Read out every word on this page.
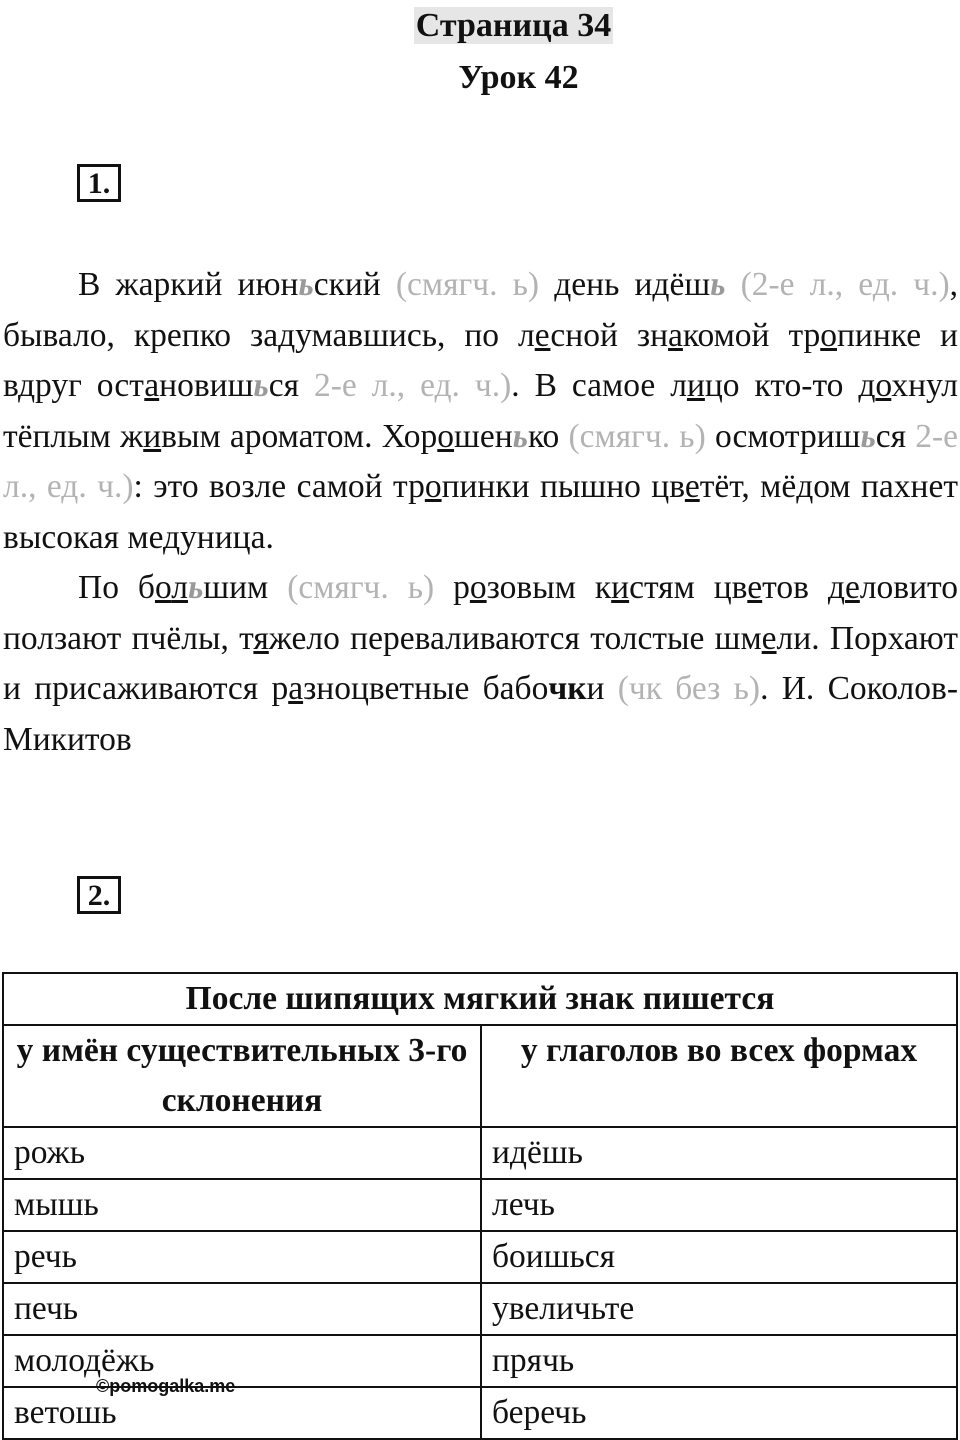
Страница 34
Урок 42
1.

В жаркий июньский (смягч. ь) день идёшь (2-е л., ед. ч.), бывало, крепко задумавшись, по лесной знакомой тропинке и вдруг остановишься 2-е л., ед. ч.). В самое лицо кто-то дохнул тёплым живым ароматом. Хорошенько (смягч. ь) осмотришься 2-е л., ед. ч.): это возле самой тропинки пышно цветёт, мёдом пахнет высокая медуница.

По большим (смягч. ь) розовым кистям цветов деловито ползают пчёлы, тяжело переваливаются толстые шмели. Порхают и присаживаются разноцветные бабочки (чк без ь). И. Соколов-Микитов

2.
После шипящих мягкий знак пишется	
у имён существительных 3-го склонения	у глаголов во всех формах
рожь	идёшь
мышь	лечь
речь	боишься
печь	увеличьте
молодёжь	прячь
ветошь	беречь
©pomogalka.me
